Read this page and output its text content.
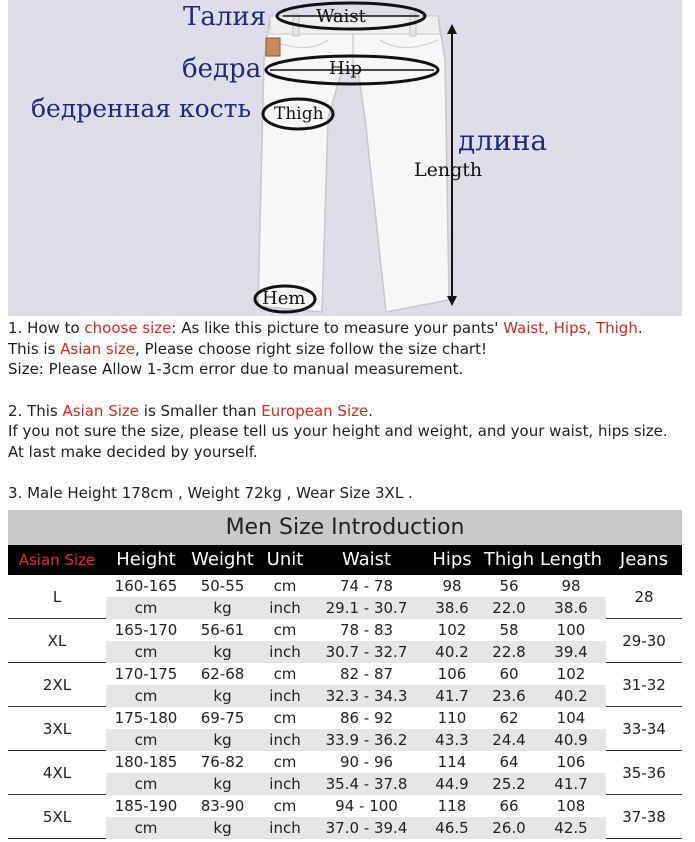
Талия
бедра
бедренная кость
длина
Waist
Hip
Thigh
Length
Hem

1. How to choose size: As like this picture to measure your pants' Waist, Hips, Thigh.

This is Asian size, Please choose right size follow the size chart!

Size: Please Allow 1-3cm error due to manual measurement.

2. This Asian Size is Smaller than European Size.

If you not sure the size, please tell us your height and weight, and your waist, hips size.

At last make decided by yourself.

3. Male Height 178cm , Weight 72kg , Wear Size 3XL .

Men Size Introduction
Asian Size	Height Weight Unit	Waist	Hips Thigh Length Jeans
L
160-165	50-55	cm	74 - 78	98	56	98
cm	kg	inch	29.1 - 30.7	38.6	22.0	38.6
28
XL
165-170	56-61	cm	78 - 83	102	58	100
cm	kg	inch	30.7 - 32.7	40.2	22.8	39.4
29-30
2XL
170-175	62-68	cm	82 - 87	106	60	102
cm	kg	inch	32.3 - 34.3	41.7	23.6	40.2
31-32
3XL
175-180	69-75	cm	86 - 92	110	62	104
cm	kg	inch	33.9 - 36.2	43.3	24.4	40.9
33-34
4XL
180-185	76-82	cm	90 - 96	114	64	106
cm	kg	inch	35.4 - 37.8	44.9	25.2	41.7
35-36
5XL
185-190	83-90	cm	94 - 100	118	66	108
cm	kg	inch	37.0 - 39.4	46.5	26.0	42.5
37-38
